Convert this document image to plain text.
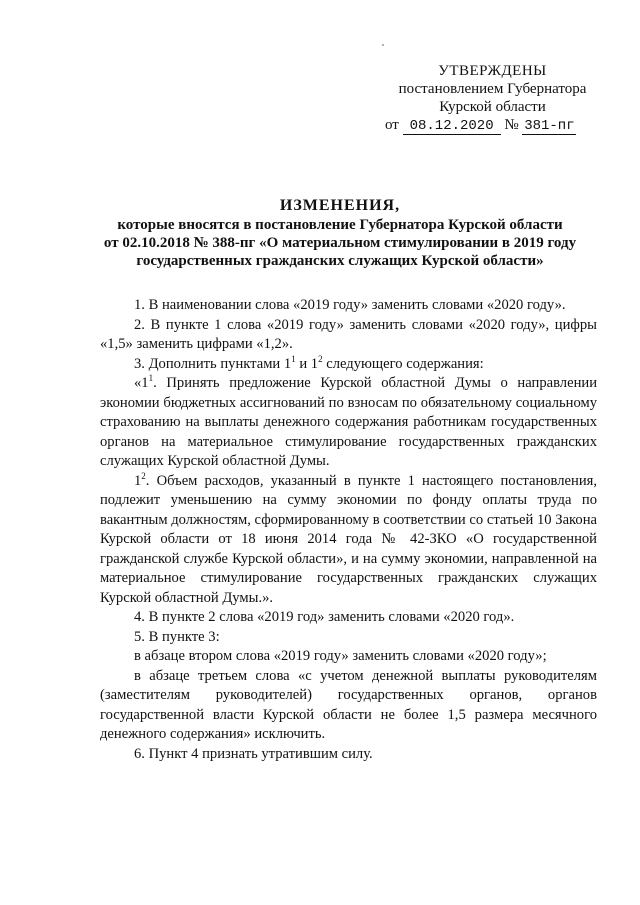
УТВЕРЖДЕНЫ
постановлением Губернатора
Курской области
от 08.12.2020 № 381-пг
ИЗМЕНЕНИЯ,
которые вносятся в постановление Губернатора Курской области
от 02.10.2018 № 388-пг «О материальном стимулировании в 2019 году
государственных гражданских служащих Курской области»

1. В наименовании слова «2019 году» заменить словами «2020 году».

2. В пункте 1 слова «2019 году» заменить словами «2020 году», цифры «1,5» заменить цифрами «1,2».

3. Дополнить пунктами $1^1$ и $1^2$ следующего содержания:

«$1^1$. Принять предложение Курской областной Думы о направлении экономии бюджетных ассигнований по взносам по обязательному социальному страхованию на выплаты денежного содержания работникам государственных органов на материальное стимулирование государственных гражданских служащих Курской областной Думы.

$1^2$. Объем расходов, указанный в пункте 1 настоящего постановления, подлежит уменьшению на сумму экономии по фонду оплаты труда по вакантным должностям, сформированному в соответствии со статьей 10 Закона Курской области от 18 июня 2014 года № 42-ЗКО «О государственной гражданской службе Курской области», и на сумму экономии, направленной на материальное стимулирование государственных гражданских служащих Курской областной Думы.».

4. В пункте 2 слова «2019 год» заменить словами «2020 год».

5. В пункте 3:

в абзаце втором слова «2019 году» заменить словами «2020 году»;

в абзаце третьем слова «с учетом денежной выплаты руководителям (заместителям руководителей) государственных органов, органов государственной власти Курской области не более 1,5 размера месячного денежного содержания» исключить.

6. Пункт 4 признать утратившим силу.
